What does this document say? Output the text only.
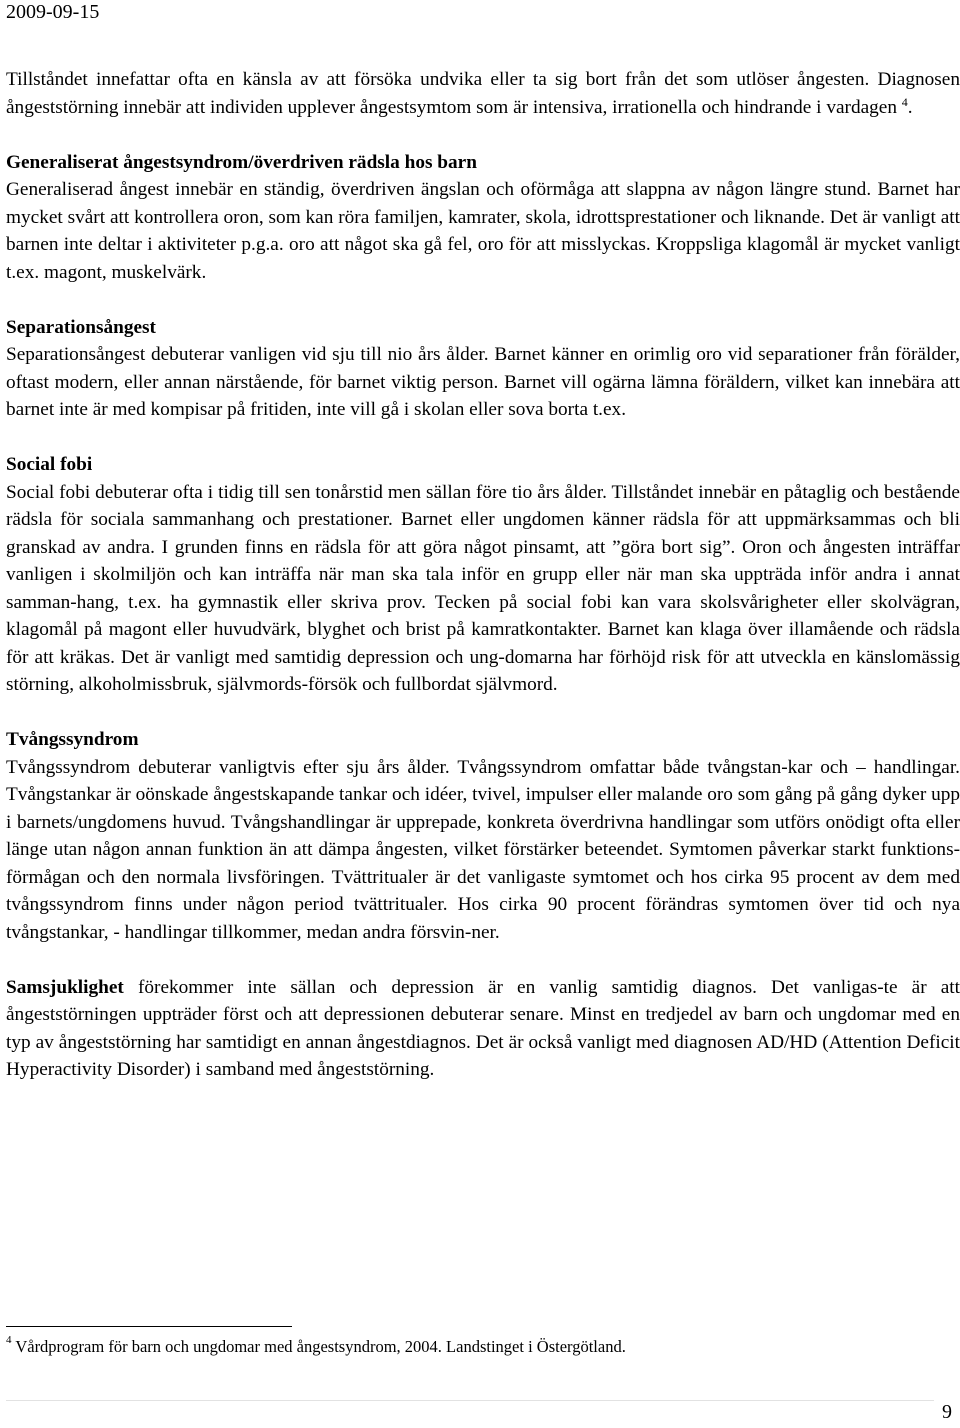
2009-09-15

Tillståndet innefattar ofta en känsla av att försöka undvika eller ta sig bort från det som utlöser ångesten. Diagnosen ångeststörning innebär att individen upplever ångestsymtom som är intensiva, irrationella och hindrande i vardagen $^4$.

Generaliserat ångestsyndrom/överdriven rädsla hos barn

Generaliserad ångest innebär en ständig, överdriven ängslan och oförmåga att slappna av någon längre stund. Barnet har mycket svårt att kontrollera oron, som kan röra familjen, kamrater, skola, idrottsprestationer och liknande. Det är vanligt att barnen inte deltar i aktiviteter p.g.a. oro att något ska gå fel, oro för att misslyckas. Kroppsliga klagomål är mycket vanligt t.ex. magont, muskelvärk.

Separationsångest

Separationsångest debuterar vanligen vid sju till nio års ålder. Barnet känner en orimlig oro vid separationer från förälder, oftast modern, eller annan närstående, för barnet viktig person. Barnet vill ogärna lämna föräldern, vilket kan innebära att barnet inte är med kompisar på fritiden, inte vill gå i skolan eller sova borta t.ex.

Social fobi

Social fobi debuterar ofta i tidig till sen tonårstid men sällan före tio års ålder. Tillståndet innebär en påtaglig och bestående rädsla för sociala sammanhang och prestationer. Barnet eller ungdomen känner rädsla för att uppmärksammas och bli granskad av andra. I grunden finns en rädsla för att göra något pinsamt, att ”göra bort sig”. Oron och ångesten inträffar vanligen i skolmiljön och kan inträffa när man ska tala inför en grupp eller när man ska uppträda inför andra i annat samman-hang, t.ex. ha gymnastik eller skriva prov. Tecken på social fobi kan vara skolsvårigheter eller skolvägran, klagomål på magont eller huvudvärk, blyghet och brist på kamratkontakter. Barnet kan klaga över illamående och rädsla för att kräkas. Det är vanligt med samtidig depression och ung-domarna har förhöjd risk för att utveckla en känslomässig störning, alkoholmissbruk, självmords-försök och fullbordat självmord.

Tvångssyndrom

Tvångssyndrom debuterar vanligtvis efter sju års ålder. Tvångssyndrom omfattar både tvångstan-kar och – handlingar. Tvångstankar är oönskade ångestskapande tankar och idéer, tvivel, impulser eller malande oro som gång på gång dyker upp i barnets/ungdomens huvud. Tvångshandlingar är upprepade, konkreta överdrivna handlingar som utförs onödigt ofta eller länge utan någon annan funktion än att dämpa ångesten, vilket förstärker beteendet. Symtomen påverkar starkt funktions-förmågan och den normala livsföringen. Tvättritualer är det vanligaste symtomet och hos cirka 95 procent av dem med tvångssyndrom finns under någon period tvättritualer. Hos cirka 90 procent förändras symtomen över tid och nya tvångstankar, - handlingar tillkommer, medan andra försvin-ner.

Samsjuklighet förekommer inte sällan och depression är en vanlig samtidig diagnos. Det vanligas-te är att ångeststörningen uppträder först och att depressionen debuterar senare. Minst en tredjedel av barn och ungdomar med en typ av ångeststörning har samtidigt en annan ångestdiagnos. Det är också vanligt med diagnosen AD/HD (Attention Deficit Hyperactivity Disorder) i samband med ångeststörning.

$^4$ Vårdprogram för barn och ungdomar med ångestsyndrom, 2004. Landstinget i Östergötland.
9
